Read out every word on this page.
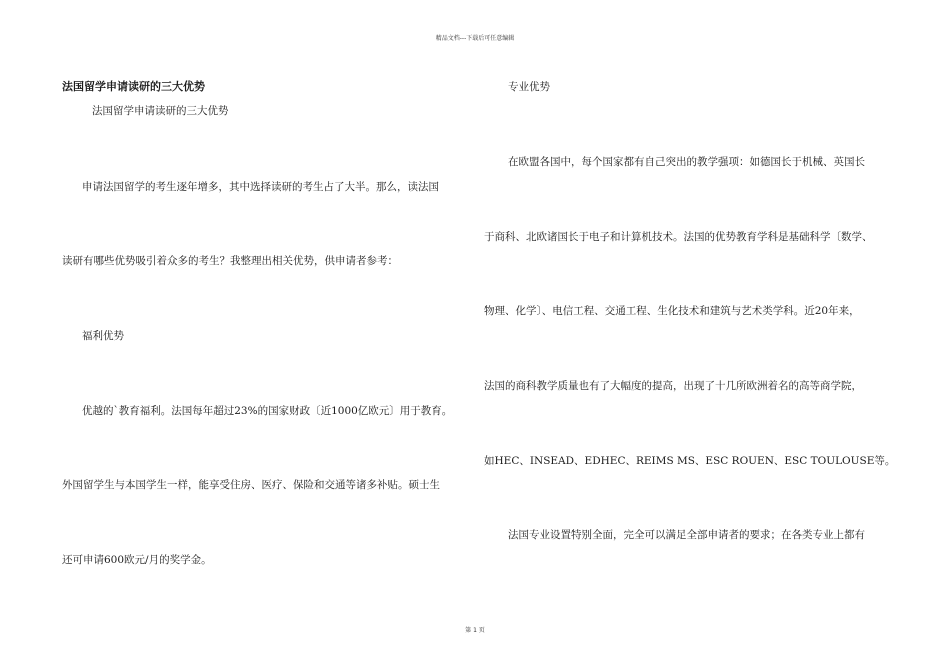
精品文档---下载后可任意编辑
法国留学申请读研的三大优势
法国留学申请读研的三大优势
申请法国留学的考生逐年增多，其中选择读研的考生占了大半。那么，读法国
读研有哪些优势吸引着众多的考生？我整理出相关优势，供申请者参考：
福利优势
优越的`教育福利。法国每年超过23%的国家财政〔近1000亿欧元〕用于教育。
外国留学生与本国学生一样，能享受住房、医疗、保险和交通等诸多补贴。硕士生
还可申请600欧元/月的奖学金。
专业优势
在欧盟各国中，每个国家都有自己突出的教学强项：如德国长于机械、英国长
于商科、北欧诸国长于电子和计算机技术。法国的优势教育学科是基础科学〔数学、
物理、化学〕、电信工程、交通工程、生化技术和建筑与艺术类学科。近20年来，
法国的商科教学质量也有了大幅度的提高，出现了十几所欧洲着名的高等商学院，
如HEC、INSEAD、EDHEC、REIMS MS、ESC ROUEN、ESC TOULOUSE等。
法国专业设置特别全面，完全可以满足全部申请者的要求；在各类专业上都有
第 1 页
